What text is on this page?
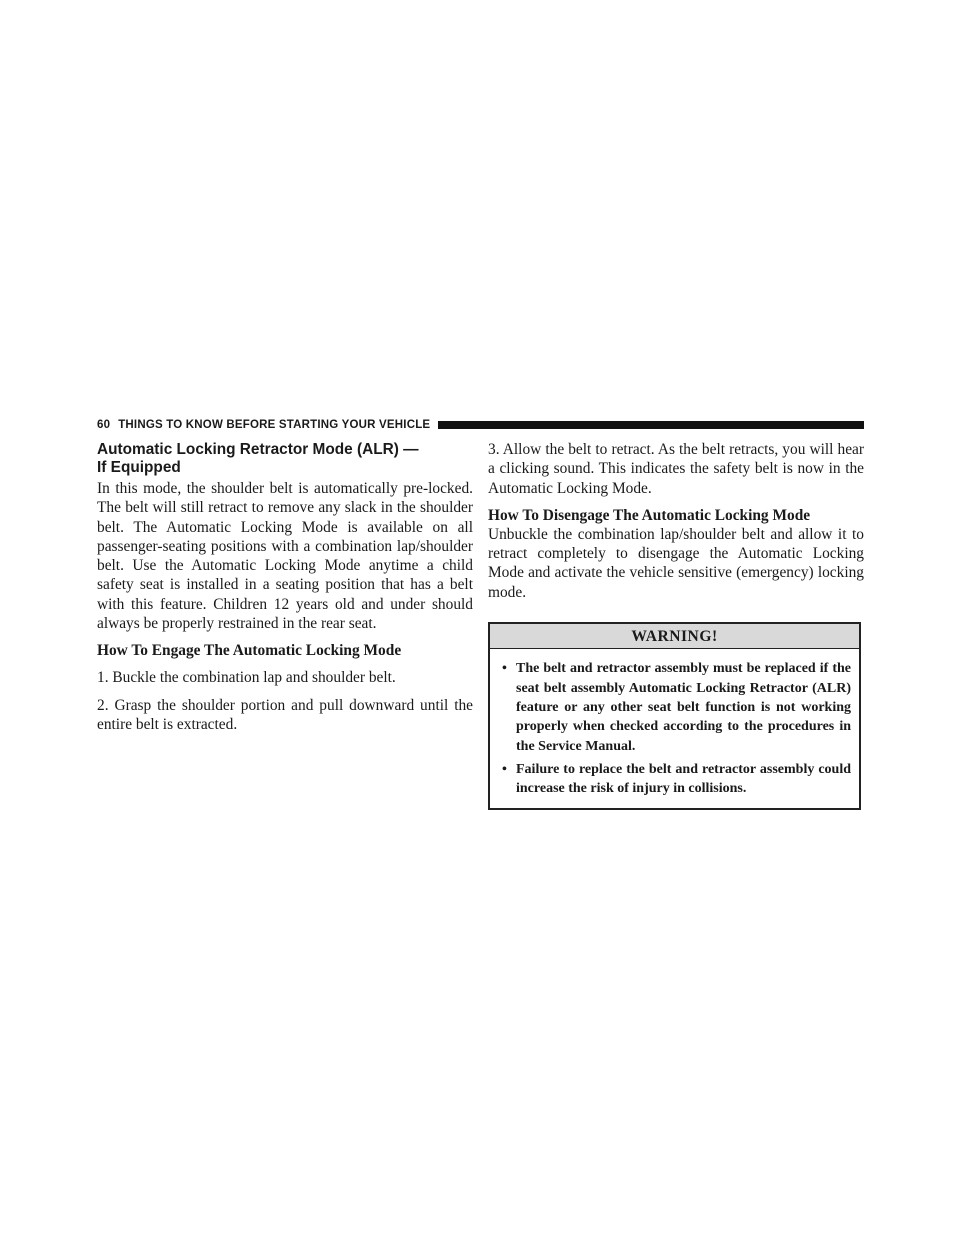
60 THINGS TO KNOW BEFORE STARTING YOUR VEHICLE
Automatic Locking Retractor Mode (ALR) —
If Equipped

In this mode, the shoulder belt is automatically pre-locked. The belt will still retract to remove any slack in the shoulder belt. The Automatic Locking Mode is available on all passenger-seating positions with a combination lap/shoulder belt. Use the Automatic Locking Mode anytime a child safety seat is installed in a seating position that has a belt with this feature. Children 12 years old and under should always be properly restrained in the rear seat.

How To Engage The Automatic Locking Mode

1. Buckle the combination lap and shoulder belt.

2. Grasp the shoulder portion and pull downward until the entire belt is extracted.

3. Allow the belt to retract. As the belt retracts, you will hear a clicking sound. This indicates the safety belt is now in the Automatic Locking Mode.

How To Disengage The Automatic Locking Mode

Unbuckle the combination lap/shoulder belt and allow it to retract completely to disengage the Automatic Locking Mode and activate the vehicle sensitive (emergency) locking mode.

WARNING!
• The belt and retractor assembly must be replaced if the seat belt assembly Automatic Locking Retractor (ALR) feature or any other seat belt function is not working properly when checked according to the procedures in the Service Manual.
• Failure to replace the belt and retractor assembly could increase the risk of injury in collisions.
